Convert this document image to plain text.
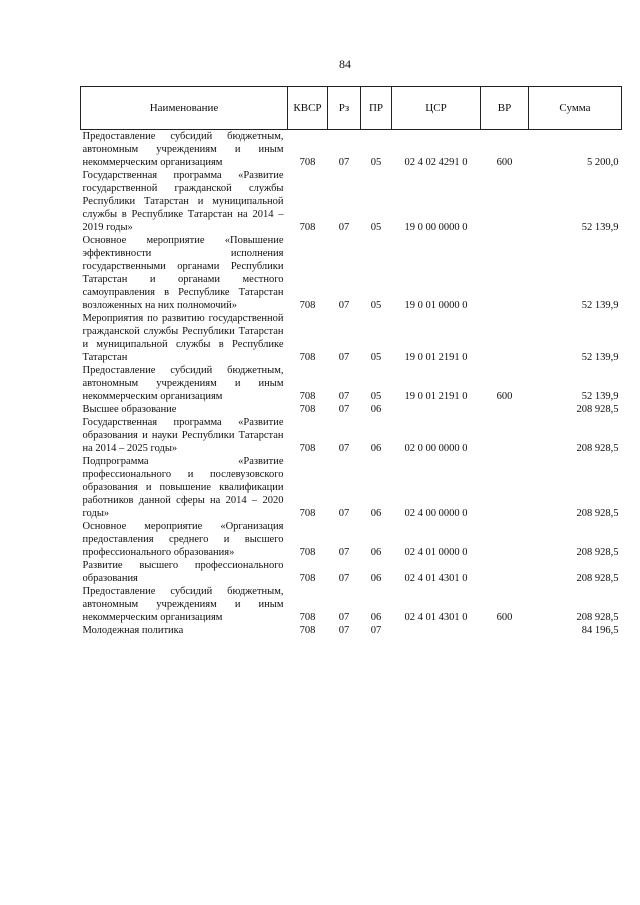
84
Наименование	КВСР	Рз	ПР	ЦСР	ВР	Сумма
Предоставление субсидий бюджетным, автономным учреждениям и иным некоммерческим организациям	708	07	05	02 4 02 4291 0	600	5 200,0
Государственная программа «Развитие государственной гражданской службы Республики Татарстан и муниципальной службы в Республике Татарстан на 2014 – 2019 годы»	708	07	05	19 0 00 0000 0		52 139,9
Основное мероприятие «Повышение эффективности исполнения государственными органами Республики Татарстан и органами местного самоуправления в Республике Татарстан возложенных на них полномочий»	708	07	05	19 0 01 0000 0		52 139,9
Мероприятия по развитию государственной гражданской службы Республики Татарстан и муниципальной службы в Республике Татарстан	708	07	05	19 0 01 2191 0		52 139,9
Предоставление субсидий бюджетным, автономным учреждениям и иным некоммерческим организациям	708	07	05	19 0 01 2191 0	600	52 139,9
Высшее образование	708	07	06			208 928,5
Государственная программа «Развитие образования и науки Республики Татарстан на 2014 – 2025 годы»	708	07	06	02 0 00 0000 0		208 928,5
Подпрограмма «Развитие профессионального и послевузовского образования и повышение квалификации работников данной сферы на 2014 – 2020 годы»	708	07	06	02 4 00 0000 0		208 928,5
Основное мероприятие «Организация предоставления среднего и высшего профессионального образования»	708	07	06	02 4 01 0000 0		208 928,5
Развитие высшего профессионального образования	708	07	06	02 4 01 4301 0		208 928,5
Предоставление субсидий бюджетным, автономным учреждениям и иным некоммерческим организациям	708	07	06	02 4 01 4301 0	600	208 928,5
Молодежная политика	708	07	07			84 196,5
